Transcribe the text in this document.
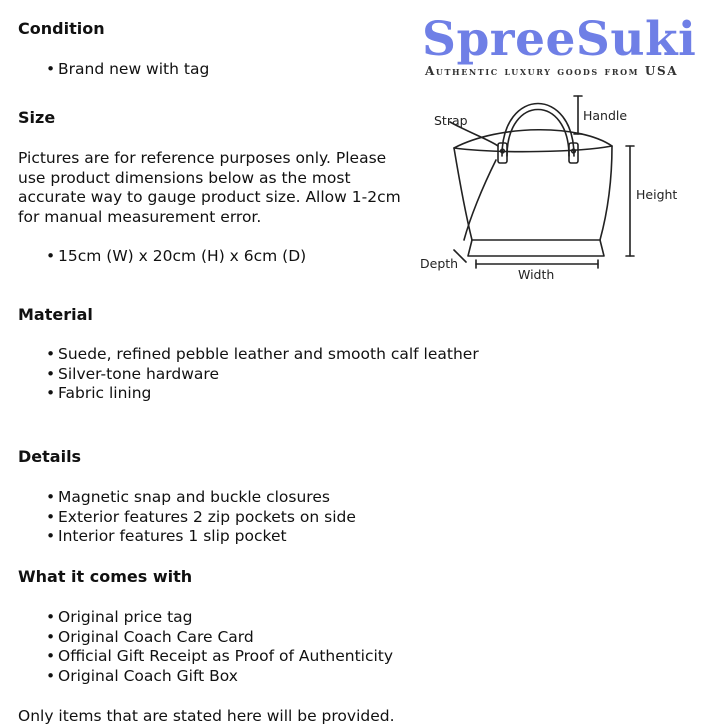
Condition
• Brand new with tag
Size
Pictures are for reference purposes only. Please use product dimensions below as the most accurate way to gauge product size. Allow 1-2cm for manual measurement error.
• 15cm (W) x 20cm (H) x 6cm (D)
Material
• Suede, refined pebble leather and smooth calf leather
• Silver-tone hardware
• Fabric lining
Details
• Magnetic snap and buckle closures
• Exterior features 2 zip pockets on side
• Interior features 1 slip pocket
What it comes with
• Original price tag
• Original Coach Care Card
• Official Gift Receipt as Proof of Authenticity
• Original Coach Gift Box
Only items that are stated here will be provided.
SpreeSuki
Authentic luxury goods from USA
Strap	Handle
Height
Depth
Width
